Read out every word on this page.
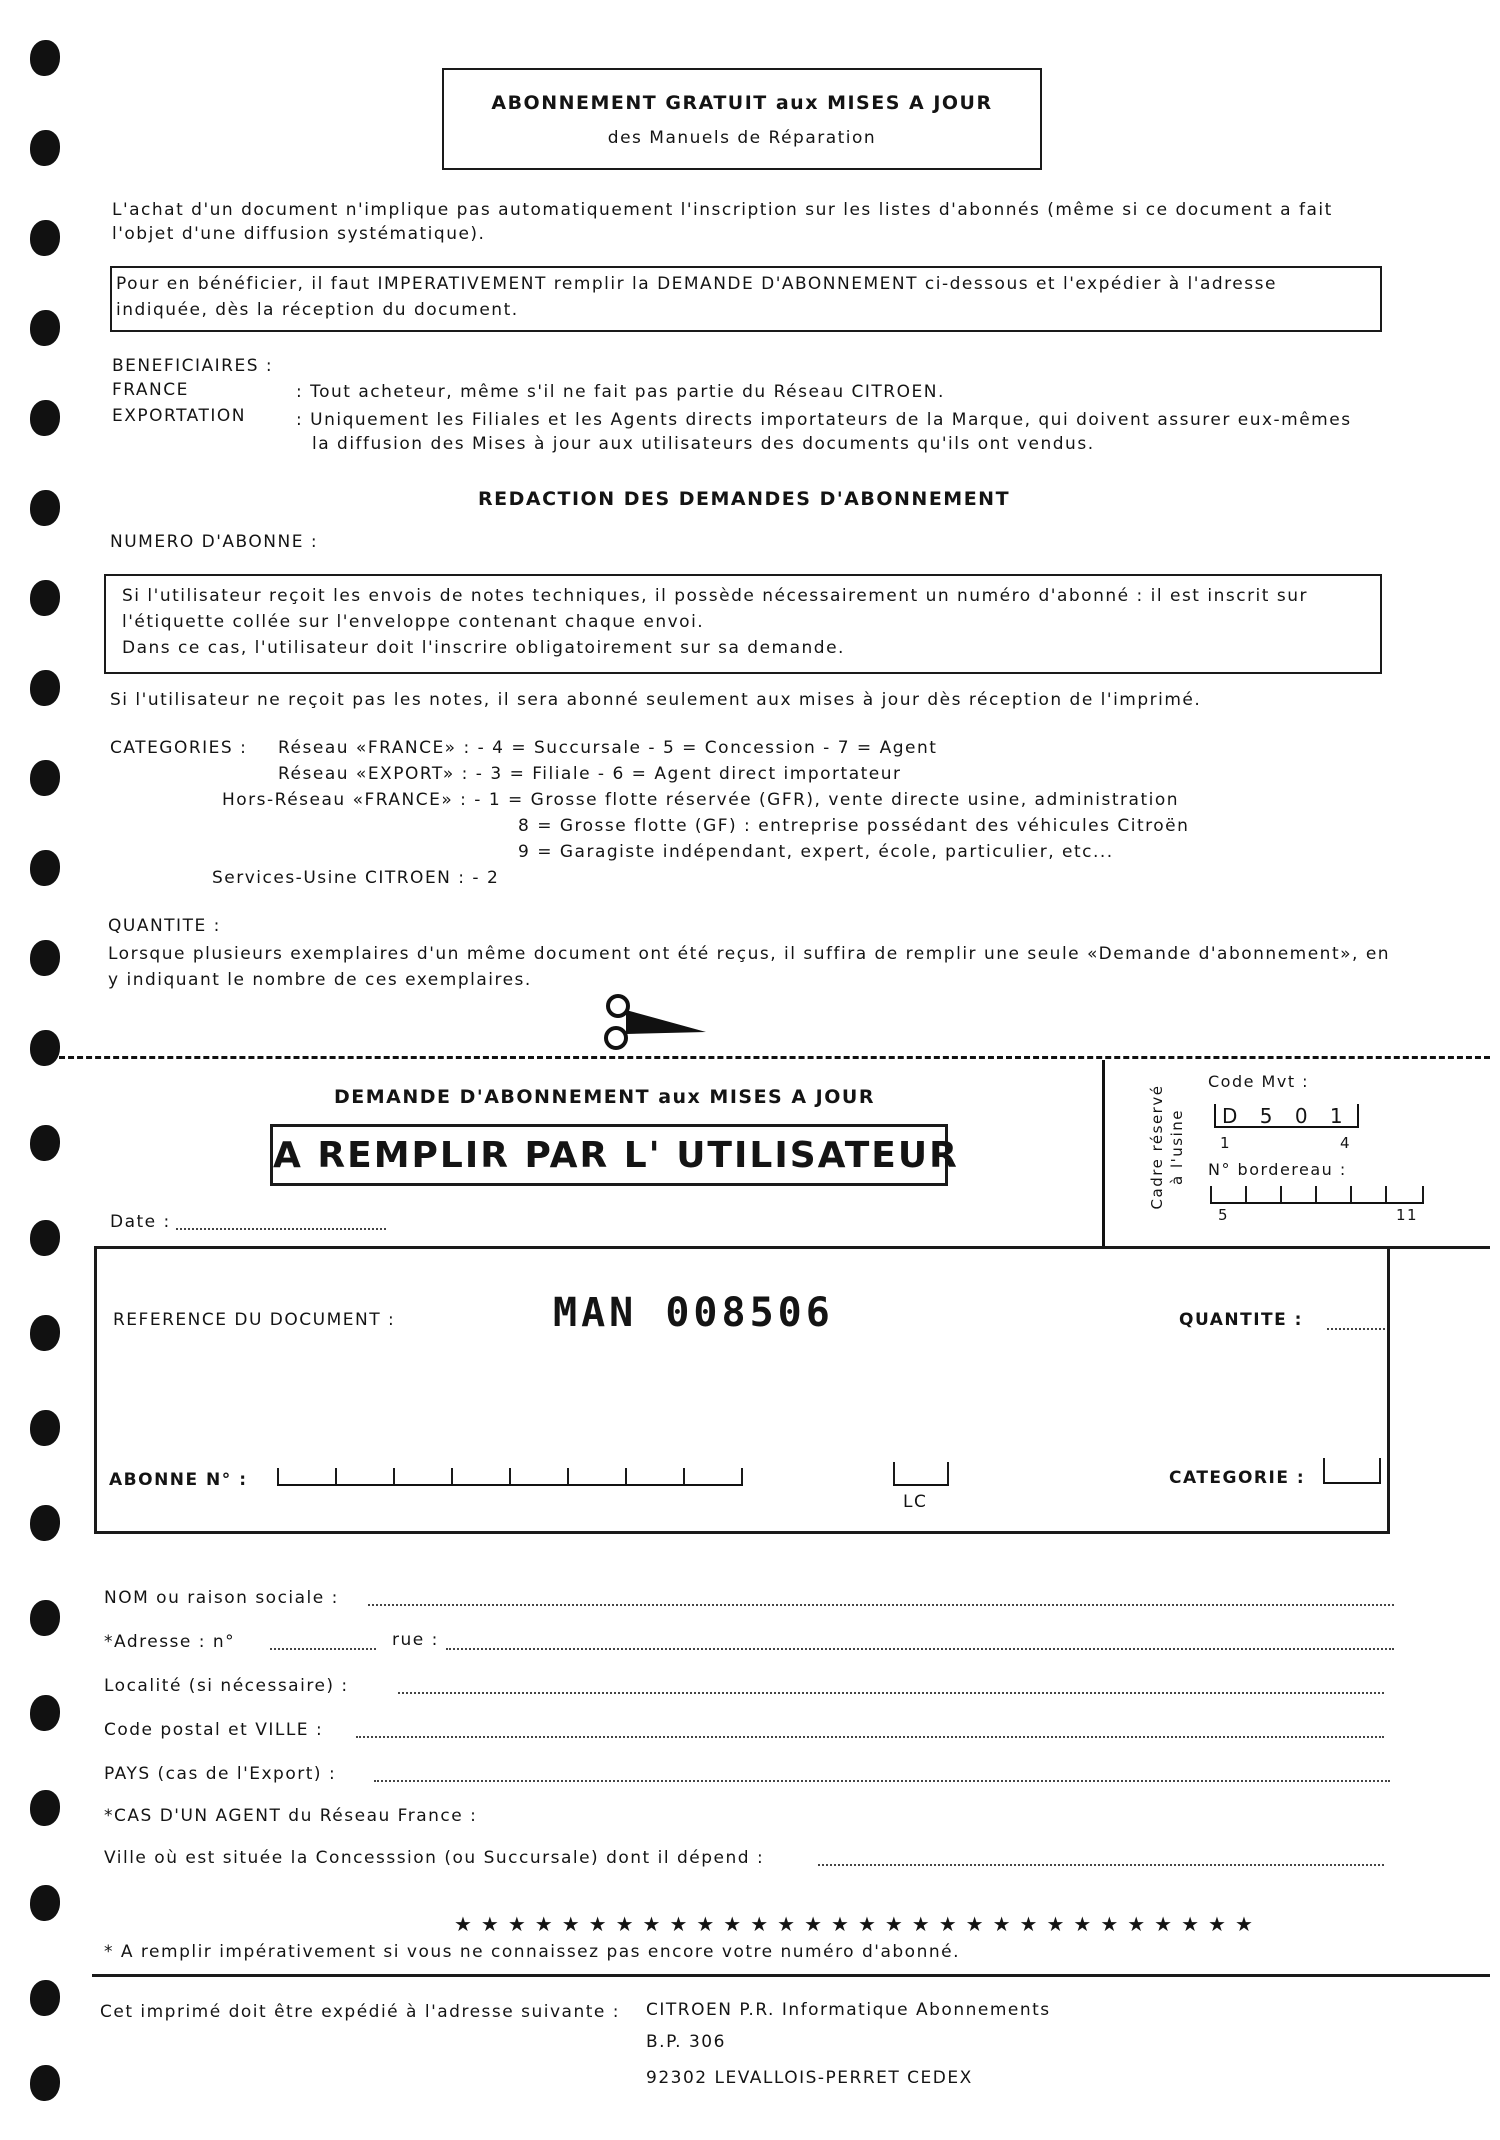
ABONNEMENT GRATUIT aux MISES A JOUR
des Manuels de Réparation
L'achat d'un document n'implique pas automatiquement l'inscription sur les listes d'abonnés (même si ce document a fait
l'objet d'une diffusion systématique).
Pour en bénéficier, il faut IMPERATIVEMENT remplir la DEMANDE D'ABONNEMENT ci-dessous et l'expédier à l'adresse
indiquée, dès la réception du document.
BENEFICIAIRES :
FRANCE	: Tout acheteur, même s'il ne fait pas partie du Réseau CITROEN.
EXPORTATION	: Uniquement les Filiales et les Agents directs importateurs de la Marque, qui doivent assurer eux-mêmes
la diffusion des Mises à jour aux utilisateurs des documents qu'ils ont vendus.
REDACTION DES DEMANDES D'ABONNEMENT
NUMERO D'ABONNE :
Si l'utilisateur reçoit les envois de notes techniques, il possède nécessairement un numéro d'abonné : il est inscrit sur
l'étiquette collée sur l'enveloppe contenant chaque envoi.
Dans ce cas, l'utilisateur doit l'inscrire obligatoirement sur sa demande.
Si l'utilisateur ne reçoit pas les notes, il sera abonné seulement aux mises à jour dès réception de l'imprimé.
CATEGORIES : Réseau «FRANCE» : - 4 = Succursale - 5 = Concession - 7 = Agent
Réseau «EXPORT» : - 3 = Filiale - 6 = Agent direct importateur
Hors-Réseau «FRANCE» : - 1 = Grosse flotte réservée (GFR), vente directe usine, administration
8 = Grosse flotte (GF) : entreprise possédant des véhicules Citroën
9 = Garagiste indépendant, expert, école, particulier, etc...
Services-Usine CITROEN : - 2
QUANTITE :
Lorsque plusieurs exemplaires d'un même document ont été reçus, il suffira de remplir une seule «Demande d'abonnement», en
y indiquant le nombre de ces exemplaires.
DEMANDE D'ABONNEMENT aux MISES A JOUR
A REMPLIR PAR L' UTILISATEUR
Date :
Cadre réservé à l'usine
Code Mvt :
D 5 0 1
1	4
N° bordereau :
5	11
REFERENCE DU DOCUMENT :	MAN 008506	QUANTITE :
ABONNE N° :
LC
CATEGORIE :
NOM ou raison sociale :
*Adresse : n°	rue :
Localité (si nécessaire) :
Code postal et VILLE :
PAYS (cas de l'Export) :
*CAS D'UN AGENT du Réseau France :
Ville où est située la Concesssion (ou Succursale) dont il dépend :
★★★★★★★★★★★★★★★★★★★★★★★★★★★★★★
* A remplir impérativement si vous ne connaissez pas encore votre numéro d'abonné.
Cet imprimé doit être expédié à l'adresse suivante : CITROEN P.R. Informatique Abonnements
B.P. 306
92302 LEVALLOIS-PERRET CEDEX
